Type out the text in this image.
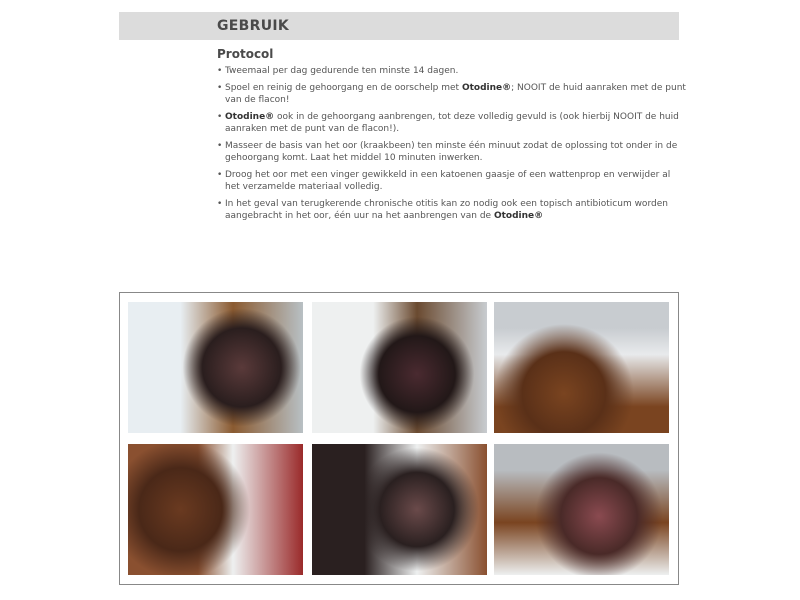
GEBRUIK
Protocol
• Tweemaal per dag gedurende ten minste 14 dagen.
• Spoel en reinig de gehoorgang en de oorschelp met Otodine®; NOOIT de huid aanraken met de punt van de flacon!
• Otodine® ook in de gehoorgang aanbrengen, tot deze volledig gevuld is (ook hierbij NOOIT de huid aanraken met de punt van de flacon!).
• Masseer de basis van het oor (kraakbeen) ten minste één minuut zodat de oplossing tot onder in de gehoorgang komt. Laat het middel 10 minuten inwerken.
• Droog het oor met een vinger gewikkeld in een katoenen gaasje of een wattenprop en verwijder al het verzamelde materiaal volledig.
• In het geval van terugkerende chronische otitis kan zo nodig ook een topisch antibioticum worden aangebracht in het oor, één uur na het aanbrengen van de Otodine®
